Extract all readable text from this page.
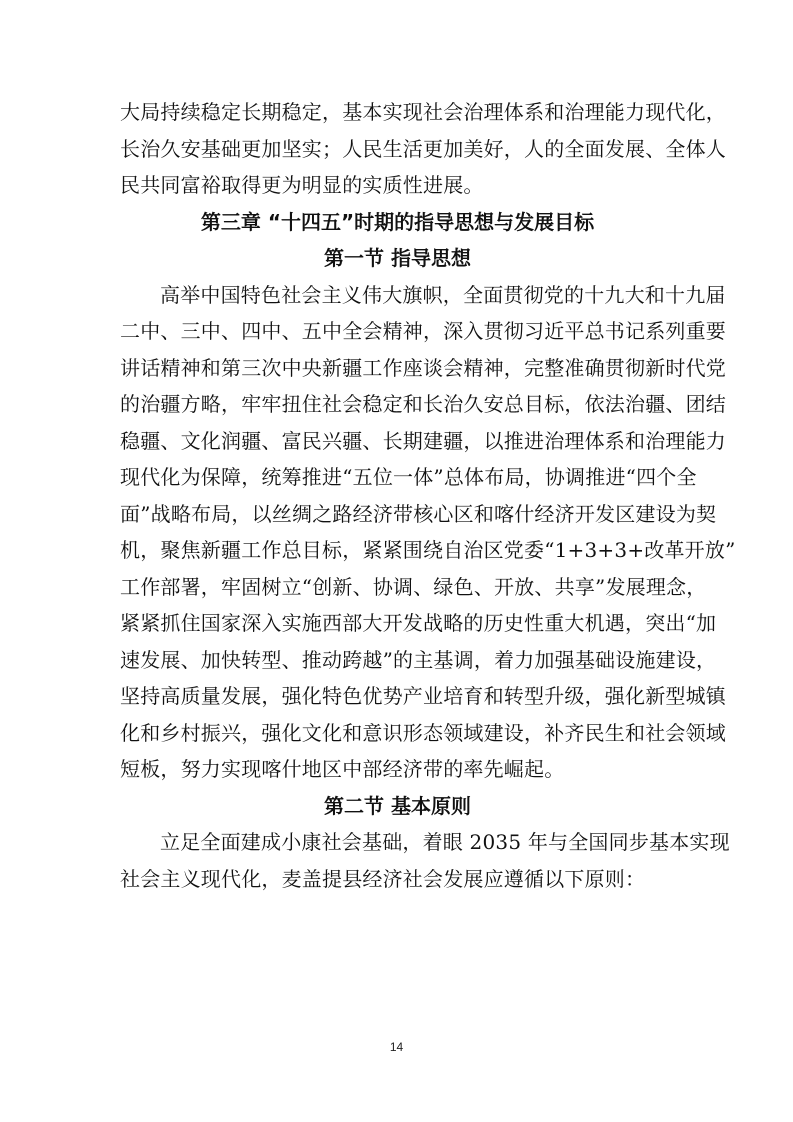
大局持续稳定长期稳定，基本实现社会治理体系和治理能力现代化，
长治久安基础更加坚实；人民生活更加美好，人的全面发展、全体人
民共同富裕取得更为明显的实质性进展。
第三章 “十四五”时期的指导思想与发展目标
第一节 指导思想
高举中国特色社会主义伟大旗帜，全面贯彻党的十九大和十九届
二中、三中、四中、五中全会精神，深入贯彻习近平总书记系列重要
讲话精神和第三次中央新疆工作座谈会精神，完整准确贯彻新时代党
的治疆方略，牢牢扭住社会稳定和长治久安总目标，依法治疆、团结
稳疆、文化润疆、富民兴疆、长期建疆，以推进治理体系和治理能力
现代化为保障，统筹推进“五位一体”总体布局，协调推进“四个全
面”战略布局，以丝绸之路经济带核心区和喀什经济开发区建设为契
机，聚焦新疆工作总目标，紧紧围绕自治区党委“1+3+3+改革开放”
工作部署，牢固树立“创新、协调、绿色、开放、共享”发展理念，
紧紧抓住国家深入实施西部大开发战略的历史性重大机遇，突出“加
速发展、加快转型、推动跨越”的主基调，着力加强基础设施建设，
坚持高质量发展，强化特色优势产业培育和转型升级，强化新型城镇
化和乡村振兴，强化文化和意识形态领域建设，补齐民生和社会领域
短板，努力实现喀什地区中部经济带的率先崛起。
第二节 基本原则
立足全面建成小康社会基础，着眼 2035 年与全国同步基本实现
社会主义现代化，麦盖提县经济社会发展应遵循以下原则：
14
